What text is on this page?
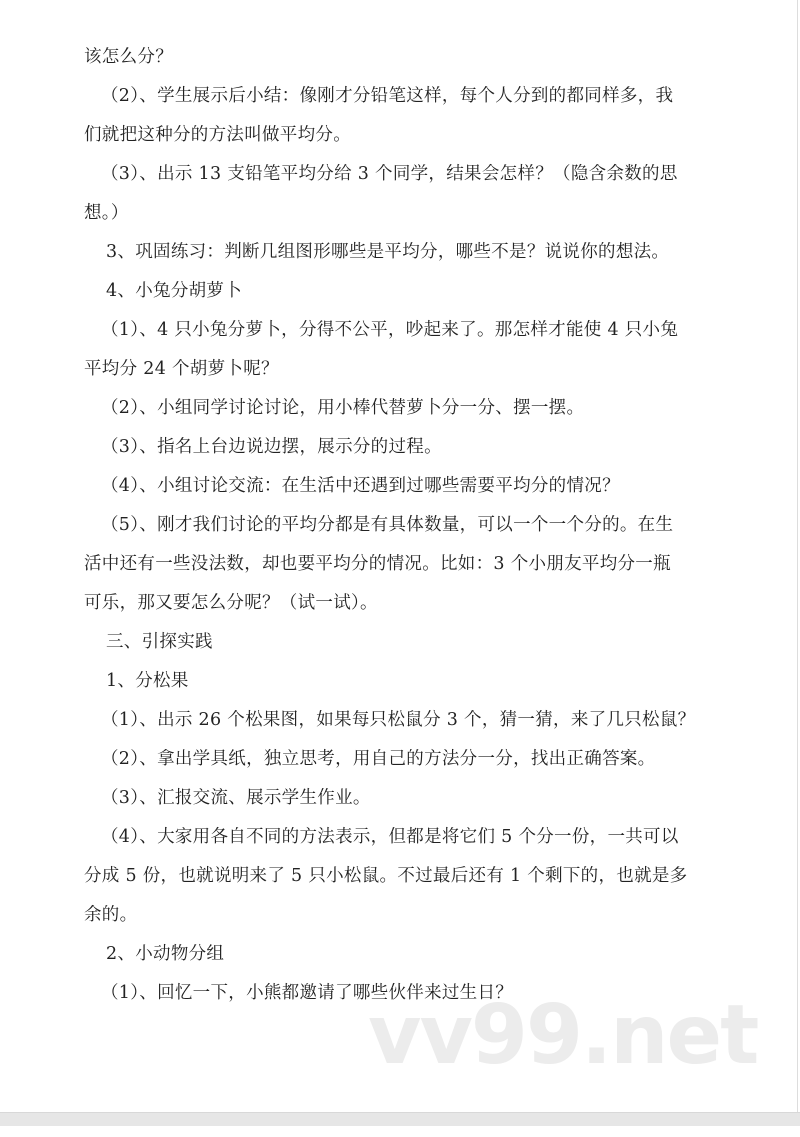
该怎么分？
（2）、学生展示后小结：像刚才分铅笔这样，每个人分到的都同样多，我
们就把这种分的方法叫做平均分。
（3）、出示 13 支铅笔平均分给 3 个同学，结果会怎样？（隐含余数的思
想。）
3、巩固练习：判断几组图形哪些是平均分，哪些不是？说说你的想法。
4、小兔分胡萝卜
（1）、4 只小兔分萝卜，分得不公平，吵起来了。那怎样才能使 4 只小兔
平均分 24 个胡萝卜呢？
（2）、小组同学讨论讨论，用小棒代替萝卜分一分、摆一摆。
（3）、指名上台边说边摆，展示分的过程。
（4）、小组讨论交流：在生活中还遇到过哪些需要平均分的情况？
（5）、刚才我们讨论的平均分都是有具体数量，可以一个一个分的。在生
活中还有一些没法数，却也要平均分的情况。比如：3 个小朋友平均分一瓶
可乐，那又要怎么分呢？（试一试）。
三、引探实践
1、分松果
（1）、出示 26 个松果图，如果每只松鼠分 3 个，猜一猜，来了几只松鼠？
（2）、拿出学具纸，独立思考，用自己的方法分一分，找出正确答案。
（3）、汇报交流、展示学生作业。
（4）、大家用各自不同的方法表示，但都是将它们 5 个分一份，一共可以
分成 5 份，也就说明来了 5 只小松鼠。不过最后还有 1 个剩下的，也就是多
余的。
2、小动物分组
（1）、回忆一下，小熊都邀请了哪些伙伴来过生日？
vv99.net
